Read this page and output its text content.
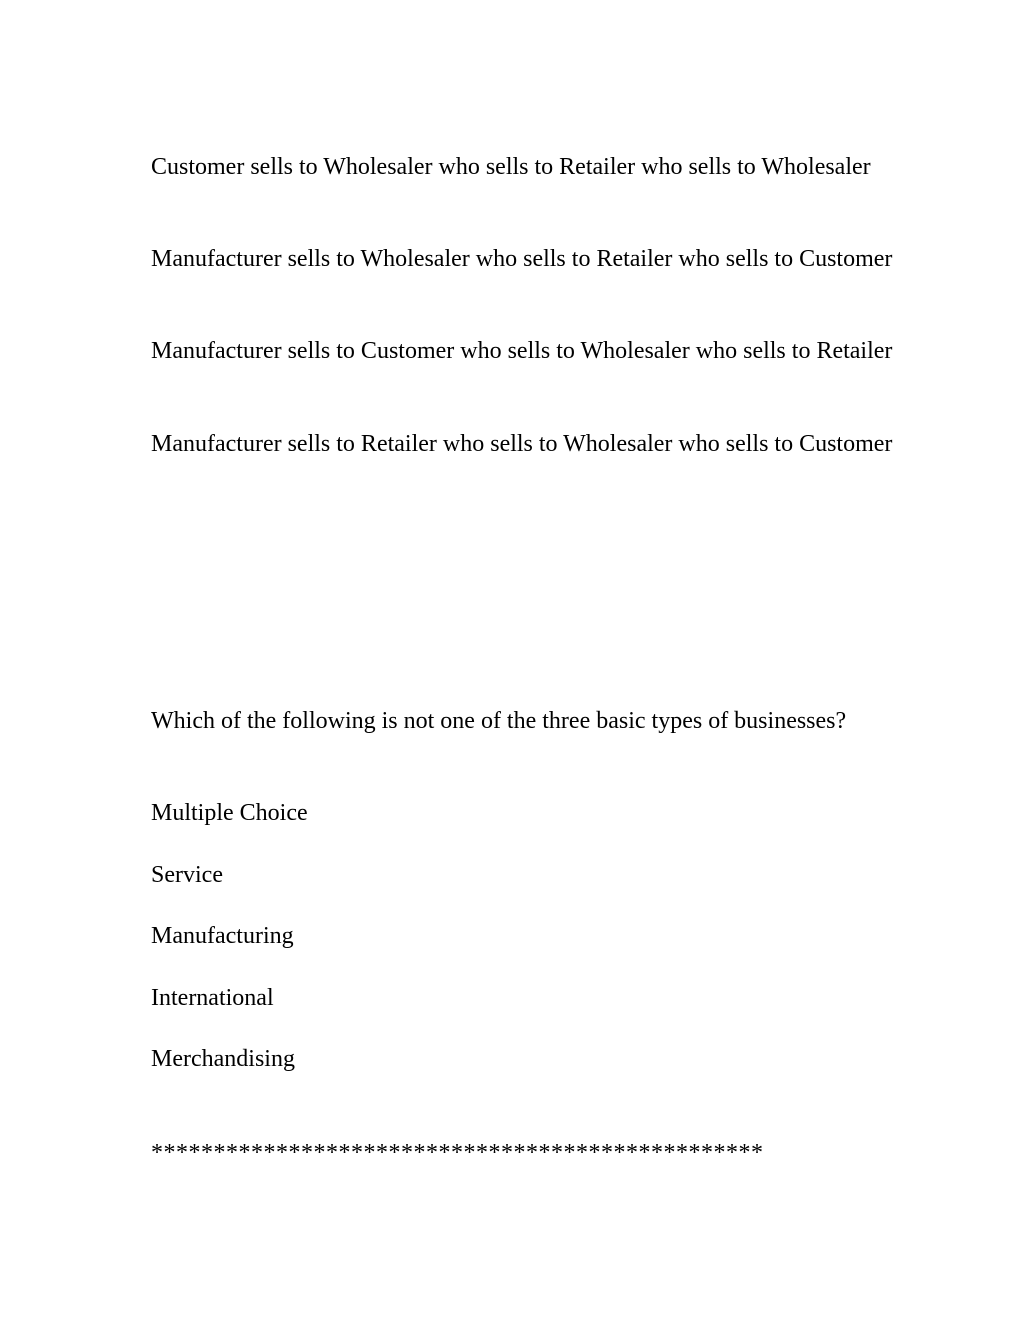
Customer sells to Wholesaler who sells to Retailer who sells to Wholesaler

Manufacturer sells to Wholesaler who sells to Retailer who sells to Customer

Manufacturer sells to Customer who sells to Wholesaler who sells to Retailer

Manufacturer sells to Retailer who sells to Wholesaler who sells to Customer

Which of the following is not one of the three basic types of businesses?

Multiple Choice

Service

Manufacturing

International

Merchandising

*************************************************
